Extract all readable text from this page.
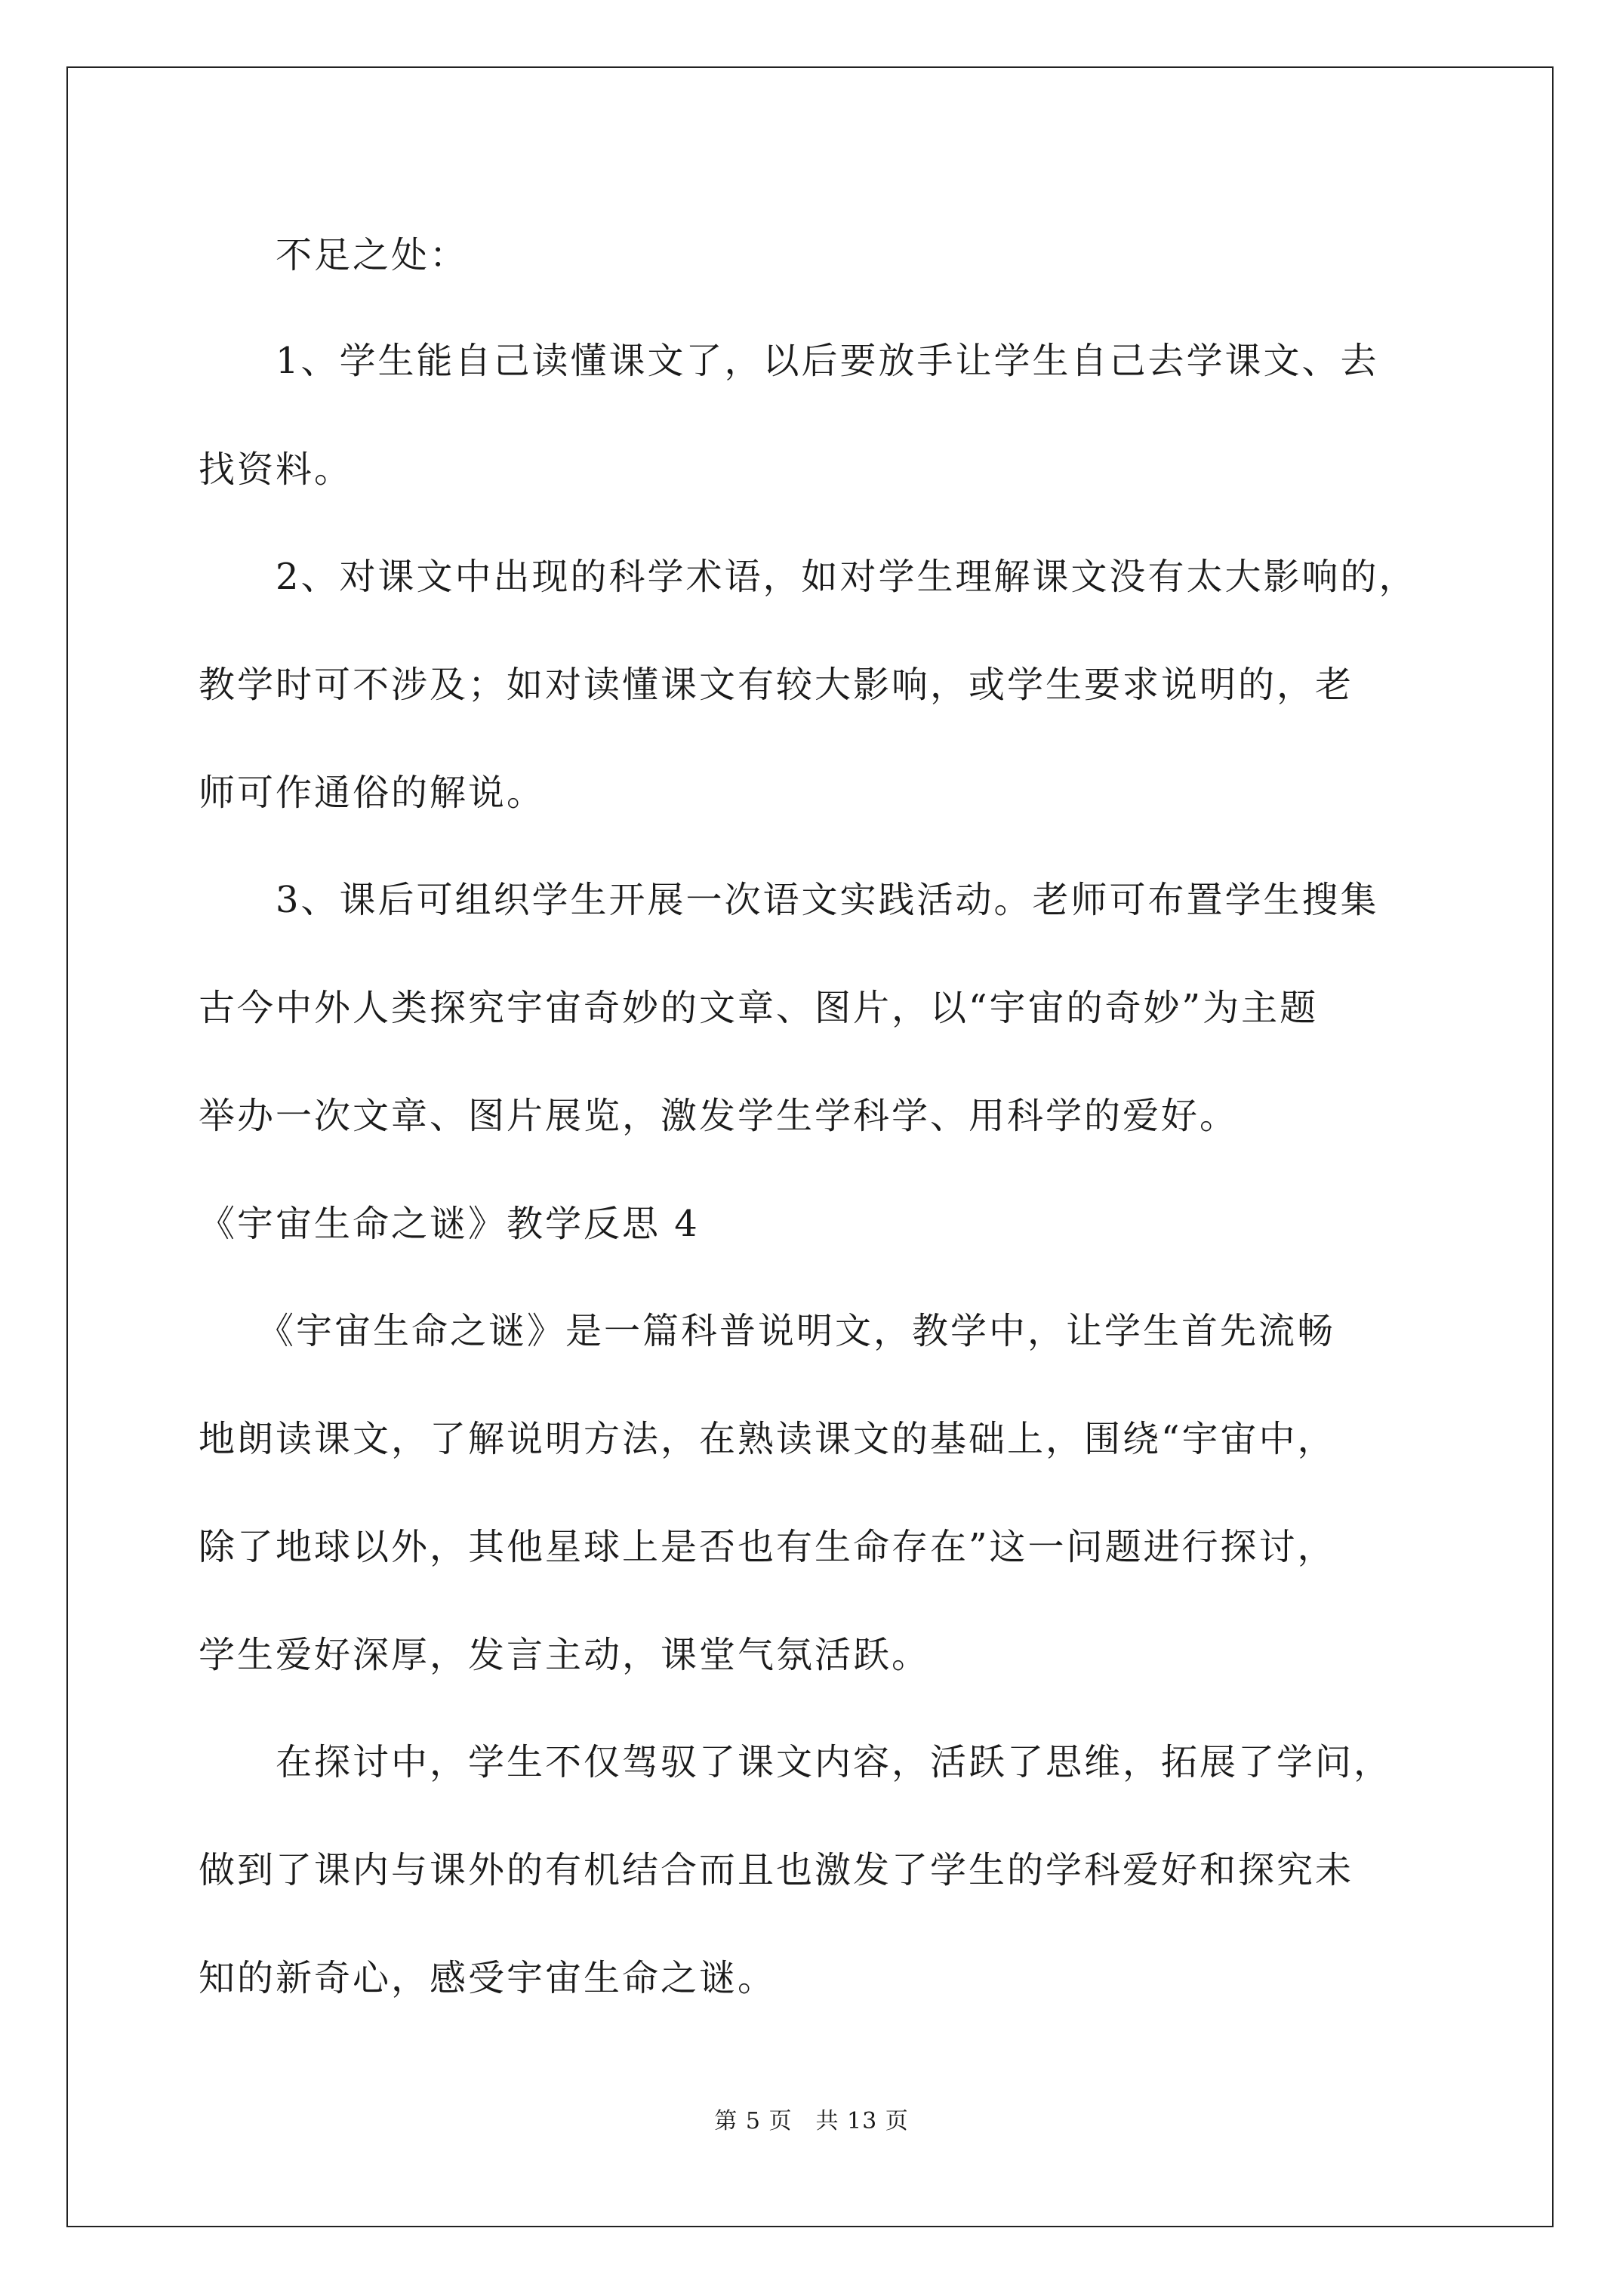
　　不足之处：
　　1、学生能自己读懂课文了，以后要放手让学生自己去学课文、去
找资料。
　　2、对课文中出现的科学术语，如对学生理解课文没有太大影响的，
教学时可不涉及；如对读懂课文有较大影响，或学生要求说明的，老
师可作通俗的解说。
　　3、课后可组织学生开展一次语文实践活动。老师可布置学生搜集
古今中外人类探究宇宙奇妙的文章、图片，以“宇宙的奇妙”为主题
举办一次文章、图片展览，激发学生学科学、用科学的爱好。
《宇宙生命之谜》教学反思 4
　　《宇宙生命之谜》是一篇科普说明文，教学中，让学生首先流畅
地朗读课文，了解说明方法，在熟读课文的基础上，围绕“宇宙中，
除了地球以外，其他星球上是否也有生命存在”这一问题进行探讨，
学生爱好深厚，发言主动，课堂气氛活跃。
　　在探讨中，学生不仅驾驭了课文内容，活跃了思维，拓展了学问，
做到了课内与课外的有机结合而且也激发了学生的学科爱好和探究未
知的新奇心，感受宇宙生命之谜。
第 5 页　共 13 页
